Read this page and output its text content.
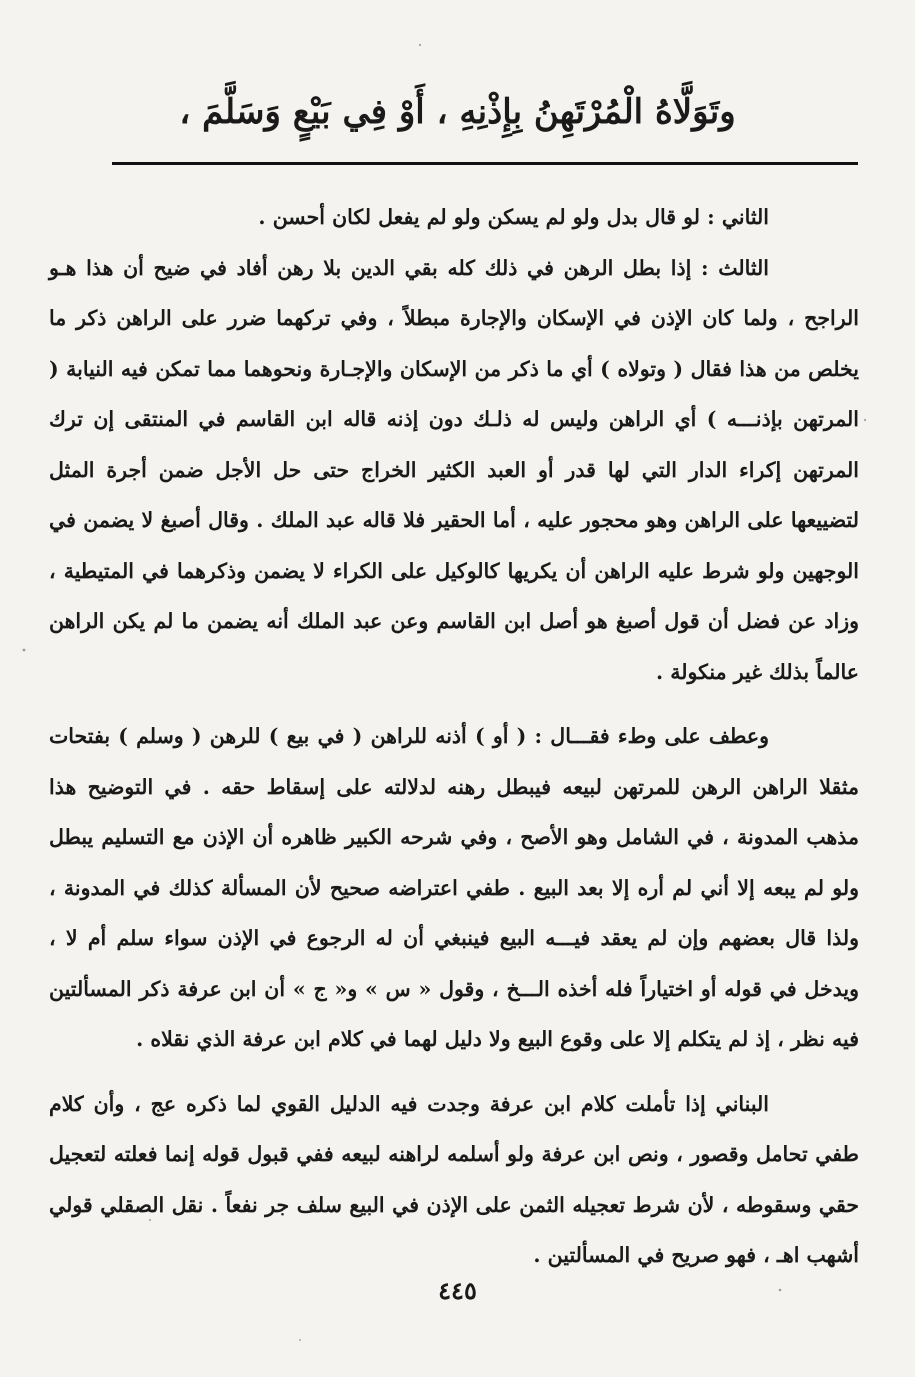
وتَوَلَّاهُ الْمُرْتَهِنُ بِإِذْنِهِ ، أَوْ فِي بَيْعٍ وَسَلَّمَ ،

الثاني : لو قال بدل ولو لم يسكن ولو لم يفعل لكان أحسن .

الثالث : إذا بطل الرهن في ذلك كله بقي الدين بلا رهن أفاد في ضيح أن هذا هـو الراجح ، ولما كان الإذن في الإسكان والإجارة مبطلاً ، وفي تركهما ضرر على الراهن ذكر ما يخلص من هذا فقال ( وتولاه ) أي ما ذكر من الإسكان والإجـارة ونحوهما مما تمكن فيه النيابة ( المرتهن بإذنـــه ) أي الراهن وليس له ذلـك دون إذنه قاله ابن القاسم في المنتقى إن ترك المرتهن إكراء الدار التي لها قدر أو العبد الكثير الخراج حتى حل الأجل ضمن أجرة المثل لتضييعها على الراهن وهو محجور عليه ، أما الحقير فلا قاله عبد الملك . وقال أصبغ لا يضمن في الوجهين ولو شرط عليه الراهن أن يكريها كالوكيل على الكراء لا يضمن وذكرهما في المتيطية ، وزاد عن فضل أن قول أصبغ هو أصل ابن القاسم وعن عبد الملك أنه يضمن ما لم يكن الراهن عالماً بذلك غير منكولة .

وعطف على وطء فقـــال : ( أو ) أذنه للراهن ( في بيع ) للرهن ( وسلم ) بفتحات مثقلا الراهن الرهن للمرتهن لبيعه فيبطل رهنه لدلالته على إسقاط حقه . في التوضيح هذا مذهب المدونة ، في الشامل وهو الأصح ، وفي شرحه الكبير ظاهره أن الإذن مع التسليم يبطل ولو لم يبعه إلا أني لم أره إلا بعد البيع . طفي اعتراضه صحيح لأن المسألة كذلك في المدونة ، ولذا قال بعضهم وإن لم يعقد فيـــه البيع فينبغي أن له الرجوع في الإذن سواء سلم أم لا ، ويدخل في قوله أو اختياراً فله أخذه الـــخ ، وقول « س » و« ج » أن ابن عرفة ذكر المسألتين فيه نظر ، إذ لم يتكلم إلا على وقوع البيع ولا دليل لهما في كلام ابن عرفة الذي نقلاه .

البناني إذا تأملت كلام ابن عرفة وجدت فيه الدليل القوي لما ذكره عج ، وأن كلام طفي تحامل وقصور ، ونص ابن عرفة ولو أسلمه لراهنه لبيعه ففي قبول قوله إنما فعلته لتعجيل حقي وسقوطه ، لأن شرط تعجيله الثمن على الإذن في البيع سلف جر نفعاً . نقل الصقلي قولي أشهب اهـ ، فهو صريح في المسألتين .

٤٤٥
